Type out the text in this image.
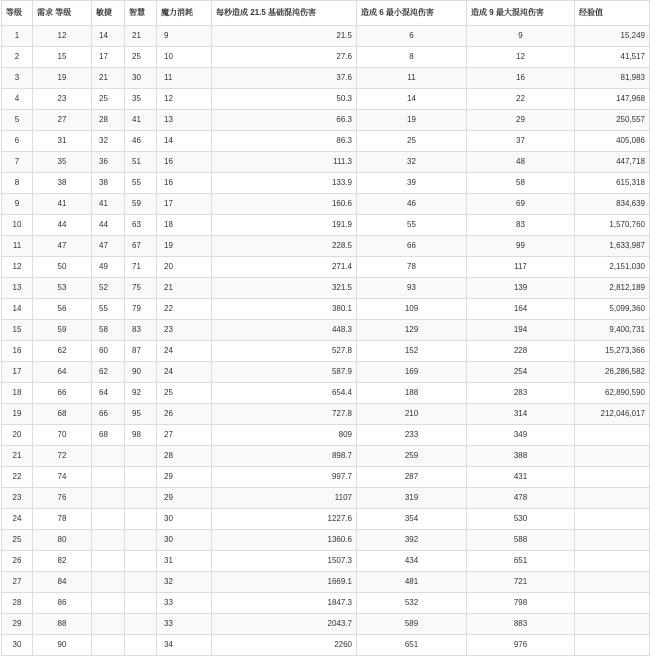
等级	需求 等级	敏捷	智慧	魔力消耗	每秒造成 21.5 基础混沌伤害	造成 6 最小混沌伤害	造成 9 最大混沌伤害	经验值
1	12	14	21	9	21.5	6	9	15,249
2	15	17	25	10	27.6	8	12	41,517
3	19	21	30	11	37.6	11	16	81,983
4	23	25	35	12	50.3	14	22	147,968
5	27	28	41	13	66.3	19	29	250,557
6	31	32	46	14	86.3	25	37	405,086
7	35	36	51	16	111.3	32	48	447,718
8	38	38	55	16	133.9	39	58	615,318
9	41	41	59	17	160.6	46	69	834,639
10	44	44	63	18	191.9	55	83	1,570,760
11	47	47	67	19	228.5	66	99	1,633,987
12	50	49	71	20	271.4	78	117	2,151,030
13	53	52	75	21	321.5	93	139	2,812,189
14	56	55	79	22	380.1	109	164	5,099,360
15	59	58	83	23	448.3	129	194	9,400,731
16	62	60	87	24	527.8	152	228	15,273,366
17	64	62	90	24	587.9	169	254	26,286,582
18	66	64	92	25	654.4	188	283	62,890,590
19	68	66	95	26	727.8	210	314	212,046,017
20	70	68	98	27	809	233	349	
21	72			28	898.7	259	388	
22	74			29	997.7	287	431	
23	76			29	1107	319	478	
24	78			30	1227.6	354	530	
25	80			30	1360.6	392	588	
26	82			31	1507.3	434	651	
27	84			32	1669.1	481	721	
28	86			33	1847.3	532	798	
29	88			33	2043.7	589	883	
30	90			34	2260	651	976	
